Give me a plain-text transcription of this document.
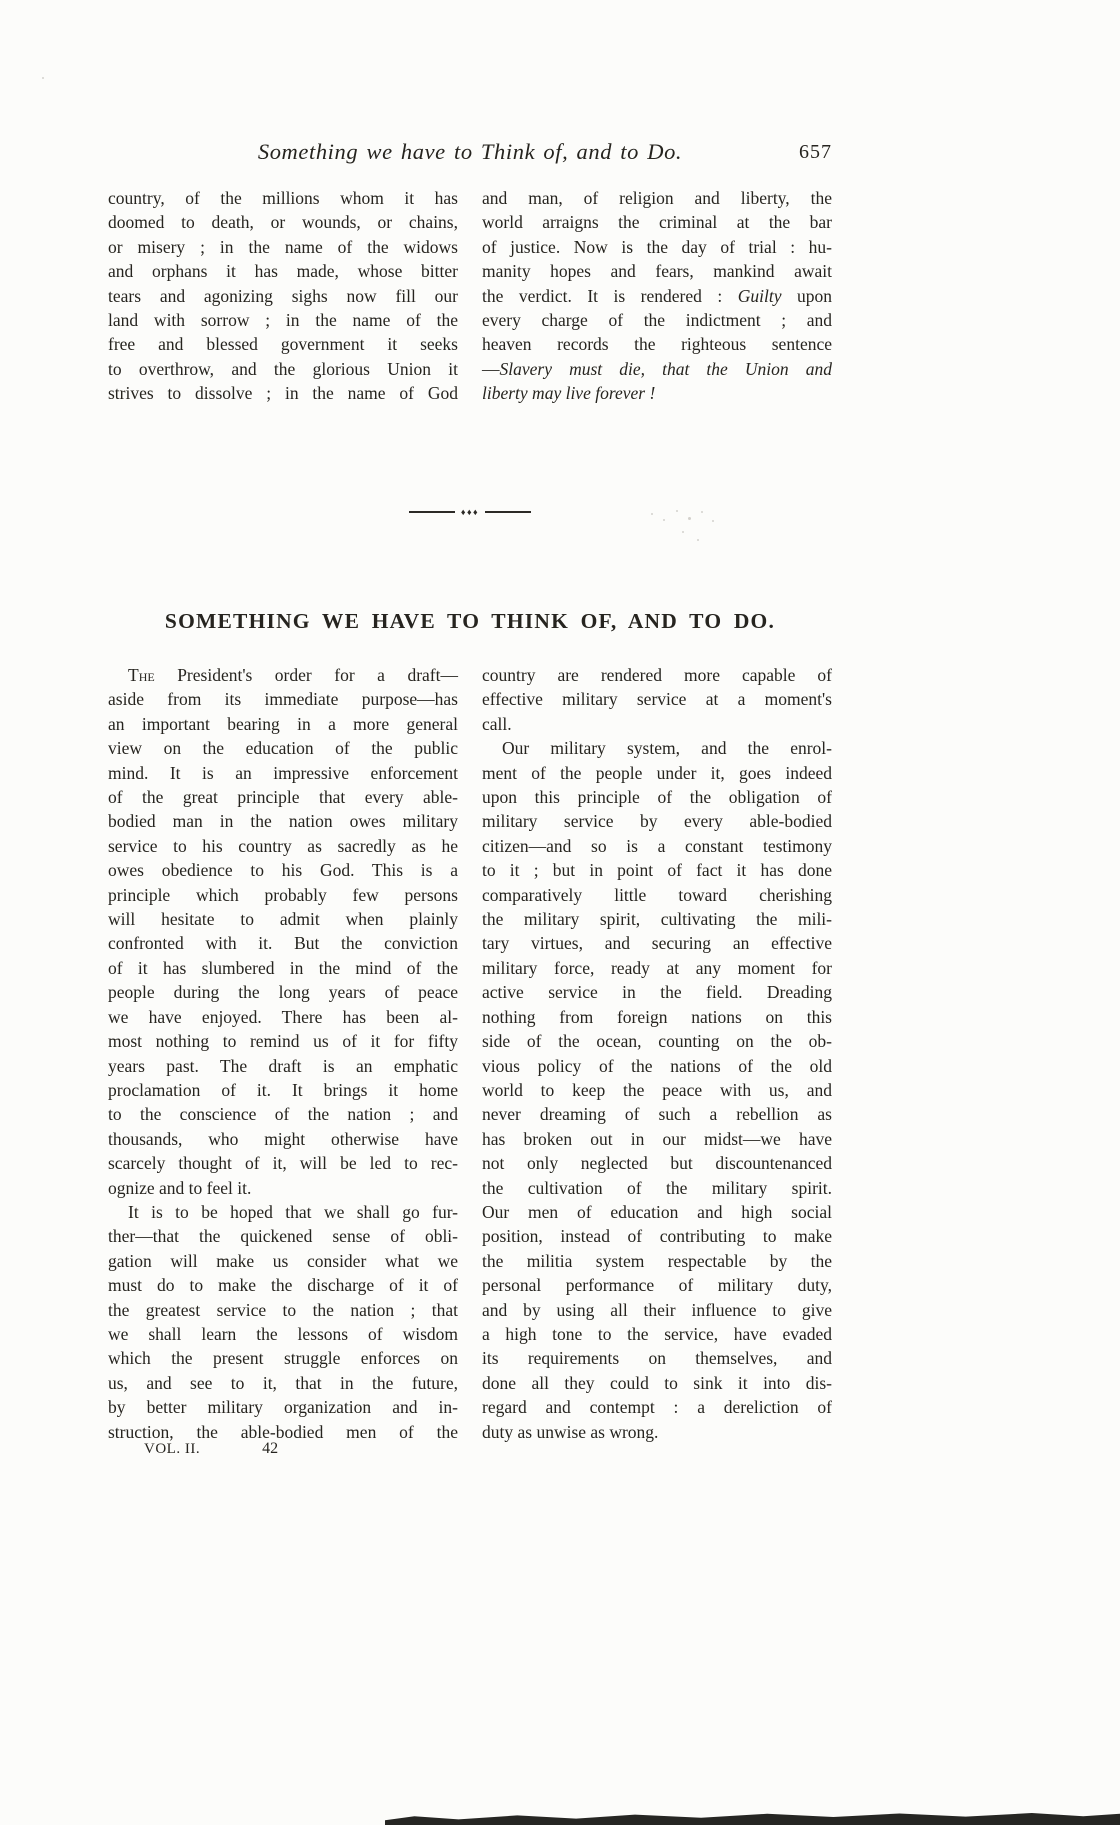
Something we have to Think of, and to Do.	657
country, of the millions whom it has
doomed to death, or wounds, or chains,
or misery ; in the name of the widows
and orphans it has made, whose bitter
tears and agonizing sighs now fill our
land with sorrow ; in the name of the
free and blessed government it seeks
to overthrow, and the glorious Union it
strives to dissolve ; in the name of God
and man, of religion and liberty, the
world arraigns the criminal at the bar
of justice. Now is the day of trial : hu-
manity hopes and fears, mankind await
the verdict. It is rendered : Guilty upon
every charge of the indictment ; and
heaven records the righteous sentence
—Slavery must die, that the Union and
liberty may live forever !
♦♦♦
SOMETHING WE HAVE TO THINK OF, AND TO DO.
The President's order for a draft—
aside from its immediate purpose—has
an important bearing in a more general
view on the education of the public
mind. It is an impressive enforcement
of the great principle that every able-
bodied man in the nation owes military
service to his country as sacredly as he
owes obedience to his God. This is a
principle which probably few persons
will hesitate to admit when plainly
confronted with it. But the conviction
of it has slumbered in the mind of the
people during the long years of peace
we have enjoyed. There has been al-
most nothing to remind us of it for fifty
years past. The draft is an emphatic
proclamation of it. It brings it home
to the conscience of the nation ; and
thousands, who might otherwise have
scarcely thought of it, will be led to rec-
ognize and to feel it.
It is to be hoped that we shall go fur-
ther—that the quickened sense of obli-
gation will make us consider what we
must do to make the discharge of it of
the greatest service to the nation ; that
we shall learn the lessons of wisdom
which the present struggle enforces on
us, and see to it, that in the future,
by better military organization and in-
struction, the able-bodied men of the
country are rendered more capable of
effective military service at a moment's
call.
Our military system, and the enrol-
ment of the people under it, goes indeed
upon this principle of the obligation of
military service by every able-bodied
citizen—and so is a constant testimony
to it ; but in point of fact it has done
comparatively little toward cherishing
the military spirit, cultivating the mili-
tary virtues, and securing an effective
military force, ready at any moment for
active service in the field. Dreading
nothing from foreign nations on this
side of the ocean, counting on the ob-
vious policy of the nations of the old
world to keep the peace with us, and
never dreaming of such a rebellion as
has broken out in our midst—we have
not only neglected but discountenanced
the cultivation of the military spirit.
Our men of education and high social
position, instead of contributing to make
the militia system respectable by the
personal performance of military duty,
and by using all their influence to give
a high tone to the service, have evaded
its requirements on themselves, and
done all they could to sink it into dis-
regard and contempt : a dereliction of
duty as unwise as wrong.
VOL. II.	42
